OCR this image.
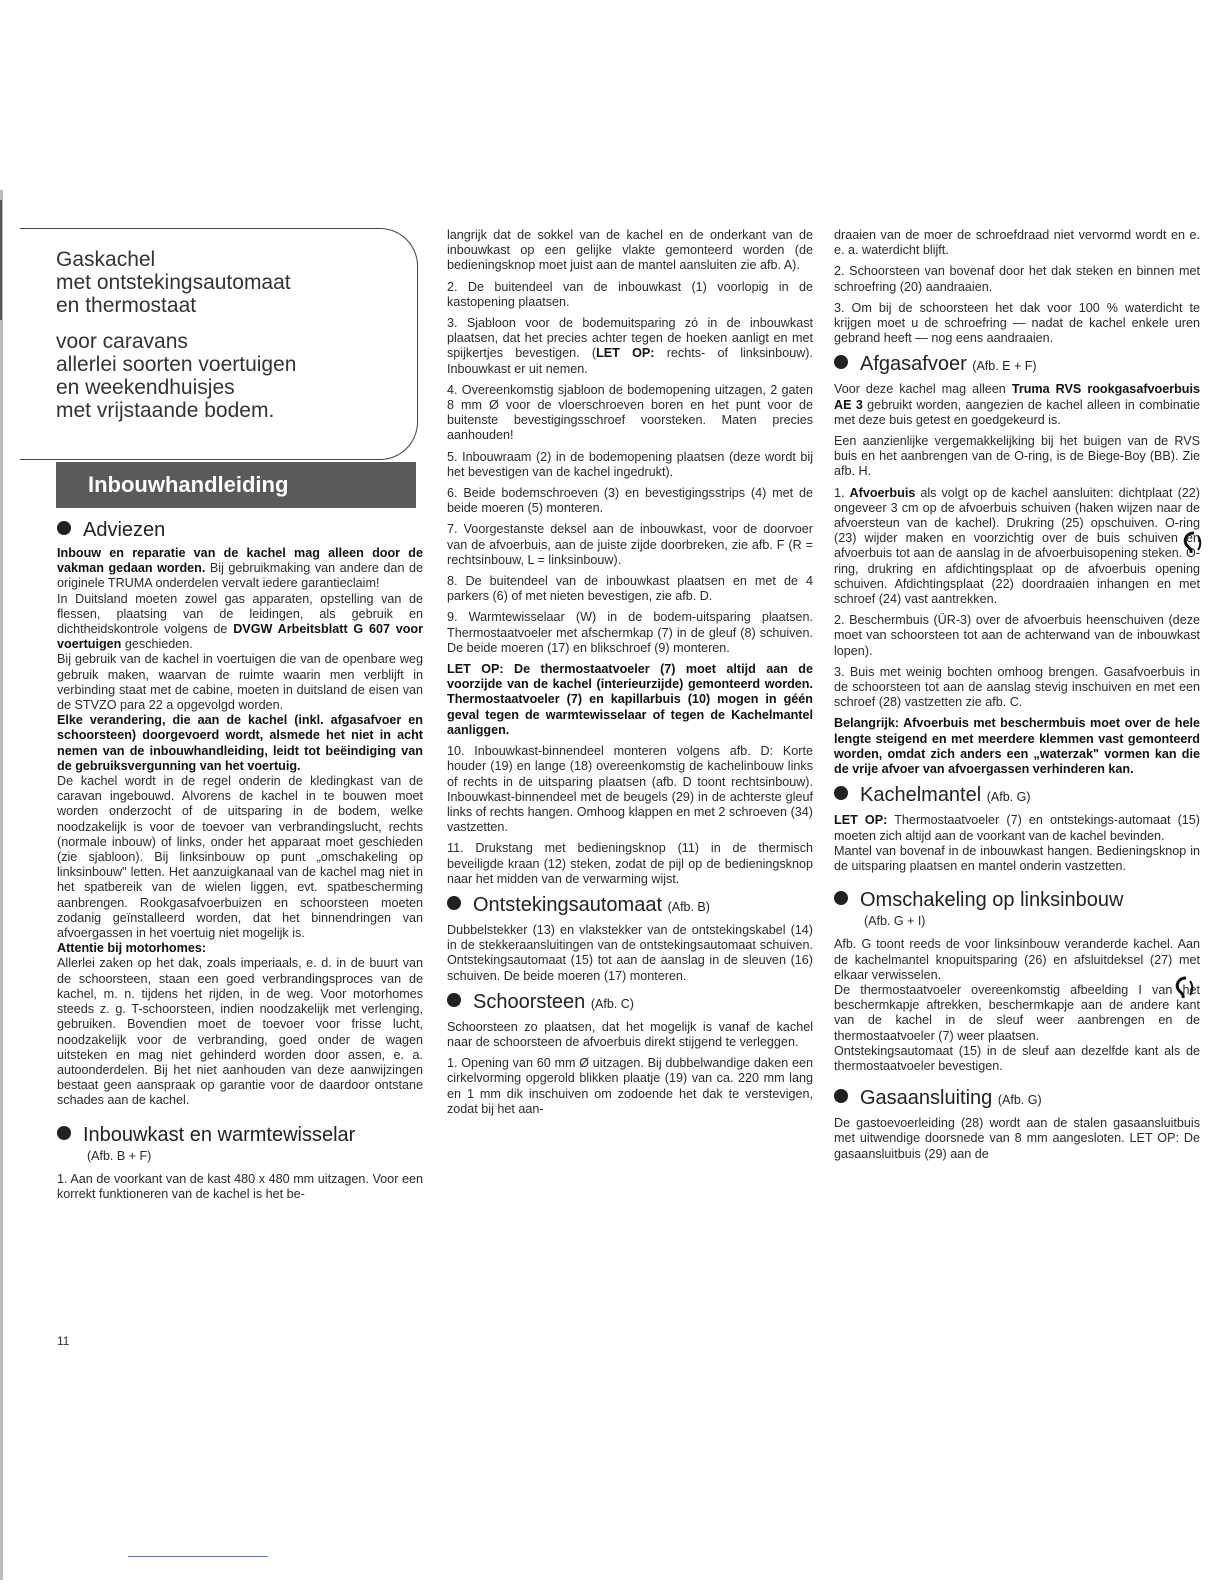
Gaskachel
met ontstekingsautomaat
en thermostaat
voor caravans
allerlei soorten voertuigen
en weekendhuisjes
met vrijstaande bodem.
Inbouwhandleiding
Adviezen

Inbouw en reparatie van de kachel mag alleen door de vakman gedaan worden. Bij gebruikmaking van andere dan de originele TRUMA onderdelen vervalt iedere garantieclaim!

In Duitsland moeten zowel gas apparaten, opstelling van de flessen, plaatsing van de leidingen, als gebruik en dichtheidskontrole volgens de DVGW Arbeitsblatt G 607 voor voertuigen geschieden.

Bij gebruik van de kachel in voertuigen die van de openbare weg gebruik maken, waarvan de ruimte waarin men verblijft in verbinding staat met de cabine, moeten in duitsland de eisen van de STVZO para 22 a opgevolgd worden.

Elke verandering, die aan de kachel (inkl. afgasafvoer en schoorsteen) doorgevoerd wordt, alsmede het niet in acht nemen van de inbouwhandleiding, leidt tot beëindiging van de gebruiksvergunning van het voertuig.

De kachel wordt in de regel onderin de kledingkast van de caravan ingebouwd. Alvorens de kachel in te bouwen moet worden onderzocht of de uitsparing in de bodem, welke noodzakelijk is voor de toevoer van verbrandingslucht, rechts (normale inbouw) of links, onder het apparaat moet geschieden (zie sjabloon). Bij linksinbouw op punt „omschakeling op linksinbouw" letten. Het aanzuigkanaal van de kachel mag niet in het spatbereik van de wielen liggen, evt. spatbescherming aanbrengen. Rookgasafvoerbuizen en schoorsteen moeten zodanig geïnstalleerd worden, dat het binnendringen van afvoergassen in het voertuig niet mogelijk is.

Attentie bij motorhomes:

Allerlei zaken op het dak, zoals imperiaals, e. d. in de buurt van de schoorsteen, staan een goed verbrandingsproces van de kachel, m. n. tijdens het rijden, in de weg. Voor motorhomes steeds z. g. T-schoorsteen, indien noodzakelijk met verlenging, gebruiken. Bovendien moet de toevoer voor frisse lucht, noodzakelijk voor de verbranding, goed onder de wagen uitsteken en mag niet gehinderd worden door assen, e. a. autoonderdelen. Bij het niet aanhouden van deze aanwijzingen bestaat geen aanspraak op garantie voor de daardoor ontstane schades aan de kachel.

Inbouwkast en warmtewisselar
(Afb. B + F)

1. Aan de voorkant van de kast 480 x 480 mm uitzagen. Voor een korrekt funktioneren van de kachel is het be-

langrijk dat de sokkel van de kachel en de onderkant van de inbouwkast op een gelijke vlakte gemonteerd worden (de bedieningsknop moet juist aan de mantel aansluiten zie afb. A).

2. De buitendeel van de inbouwkast (1) voorlopig in de kastopening plaatsen.

3. Sjabloon voor de bodemuitsparing zó in de inbouwkast plaatsen, dat het precies achter tegen de hoeken aanligt en met spijkertjes bevestigen. (LET OP: rechts- of linksinbouw). Inbouwkast er uit nemen.

4. Overeenkomstig sjabloon de bodemopening uitzagen, 2 gaten 8 mm Ø voor de vloerschroeven boren en het punt voor de buitenste bevestigingsschroef voorsteken. Maten precies aanhouden!

5. Inbouwraam (2) in de bodemopening plaatsen (deze wordt bij het bevestigen van de kachel ingedrukt).

6. Beide bodemschroeven (3) en bevestigingsstrips (4) met de beide moeren (5) monteren.

7. Voorgestanste deksel aan de inbouwkast, voor de doorvoer van de afvoerbuis, aan de juiste zijde doorbreken, zie afb. F (R = rechtsinbouw, L = linksinbouw).

8. De buitendeel van de inbouwkast plaatsen en met de 4 parkers (6) of met nieten bevestigen, zie afb. D.

9. Warmtewisselaar (W) in de bodem-uitsparing plaatsen. Thermostaatvoeler met afschermkap (7) in de gleuf (8) schuiven. De beide moeren (17) en blikschroef (9) monteren.

LET OP: De thermostaatvoeler (7) moet altijd aan de voorzijde van de kachel (interieurzijde) gemonteerd worden. Thermostaatvoeler (7) en kapillarbuis (10) mogen in géén geval tegen de warmtewisselaar of tegen de Kachelmantel aanliggen.

10. Inbouwkast-binnendeel monteren volgens afb. D: Korte houder (19) en lange (18) overeenkomstig de kachelinbouw links of rechts in de uitsparing plaatsen (afb. D toont rechtsinbouw). Inbouwkast-binnendeel met de beugels (29) in de achterste gleuf links of rechts hangen. Omhoog klappen en met 2 schroeven (34) vastzetten.

11. Drukstang met bedieningsknop (11) in de thermisch beveiligde kraan (12) steken, zodat de pijl op de bedieningsknop naar het midden van de verwarming wijst.

Ontstekingsautomaat (Afb. B)

Dubbelstekker (13) en vlakstekker van de ontstekingskabel (14) in de stekkeraansluitingen van de ontstekingsautomaat schuiven. Ontstekingsautomaat (15) tot aan de aanslag in de sleuven (16) schuiven. De beide moeren (17) monteren.

Schoorsteen (Afb. C)

Schoorsteen zo plaatsen, dat het mogelijk is vanaf de kachel naar de schoorsteen de afvoerbuis direkt stijgend te verleggen.

1. Opening van 60 mm Ø uitzagen. Bij dubbelwandige daken een cirkelvorming opgerold blikken plaatje (19) van ca. 220 mm lang en 1 mm dik inschuiven om zodoende het dak te verstevigen, zodat bij het aan-

draaien van de moer de schroefdraad niet vervormd wordt en e. e. a. waterdicht blijft.

2. Schoorsteen van bovenaf door het dak steken en binnen met schroefring (20) aandraaien.

3. Om bij de schoorsteen het dak voor 100 % waterdicht te krijgen moet u de schroefring — nadat de kachel enkele uren gebrand heeft — nog eens aandraaien.

Afgasafvoer (Afb. E + F)

Voor deze kachel mag alleen Truma RVS rookgasafvoerbuis AE 3 gebruikt worden, aangezien de kachel alleen in combinatie met deze buis getest en goedgekeurd is.

Een aanzienlijke vergemakkelijking bij het buigen van de RVS buis en het aanbrengen van de O-ring, is de Biege-Boy (BB). Zie afb. H.

1. Afvoerbuis als volgt op de kachel aansluiten: dichtplaat (22) ongeveer 3 cm op de afvoerbuis schuiven (haken wijzen naar de afvoersteun van de kachel). Drukring (25) opschuiven. O-ring (23) wijder maken en voorzichtig over de buis schuiven en afvoerbuis tot aan de aanslag in de afvoerbuisopening steken. O-ring, drukring en afdichtingsplaat op de afvoerbuis opening schuiven. Afdichtingsplaat (22) doordraaien inhangen en met schroef (24) vast aantrekken.

2. Beschermbuis (ÜR-3) over de afvoerbuis heenschuiven (deze moet van schoorsteen tot aan de achterwand van de inbouwkast lopen).

3. Buis met weinig bochten omhoog brengen. Gasafvoerbuis in de schoorsteen tot aan de aanslag stevig inschuiven en met een schroef (28) vastzetten zie afb. C.

Belangrijk: Afvoerbuis met beschermbuis moet over de hele lengte steigend en met meerdere klemmen vast gemonteerd worden, omdat zich anders een „waterzak" vormen kan die de vrije afvoer van afvoergassen verhinderen kan.

Kachelmantel (Afb. G)

LET OP: Thermostaatvoeler (7) en ontstekings-automaat (15) moeten zich altijd aan de voorkant van de kachel bevinden.

Mantel van bovenaf in de inbouwkast hangen. Bedieningsknop in de uitsparing plaatsen en mantel onderin vastzetten.

Omschakeling op linksinbouw
(Afb. G + I)

Afb. G toont reeds de voor linksinbouw veranderde kachel. Aan de kachelmantel knopuitsparing (26) en afsluitdeksel (27) met elkaar verwisselen.

De thermostaatvoeler overeenkomstig afbeelding I van het beschermkapje aftrekken, beschermkapje aan de andere kant van de kachel in de sleuf weer aanbrengen en de thermostaatvoeler (7) weer plaatsen.

Ontstekingsautomaat (15) in de sleuf aan dezelfde kant als de thermostaatvoeler bevestigen.

Gasaansluiting (Afb. G)

De gastoevoerleiding (28) wordt aan de stalen gasaansluitbuis met uitwendige doorsnede van 8 mm aangesloten. LET OP: De gasaansluitbuis (29) aan de

11
